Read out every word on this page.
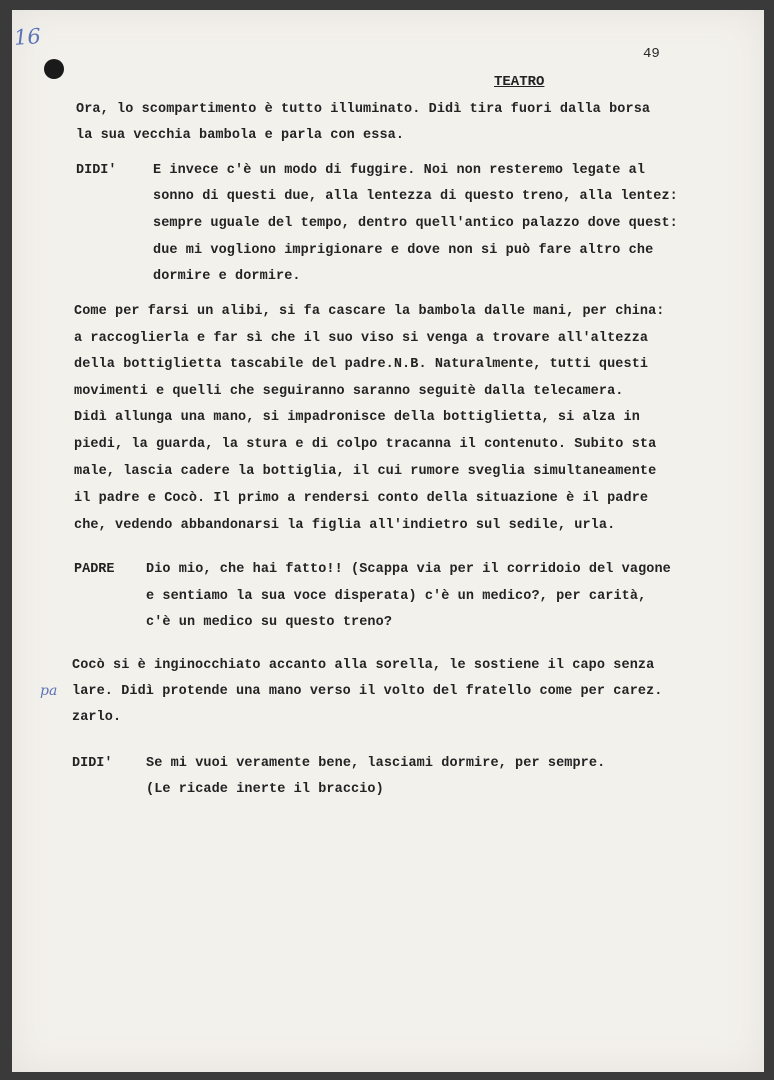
16
49
TEATRO
Ora, lo scompartimento è tutto illuminato. Didì tira fuori dalla borsa
la sua vecchia bambola e parla con essa.
DIDI'	E invece c'è un modo di fuggire. Noi non resteremo legate al
sonno di questi due, alla lentezza di questo treno, alla lentez:
sempre uguale del tempo, dentro quell'antico palazzo dove quest:
due mi vogliono imprigionare e dove non si può fare altro che
dormire e dormire.
Come per farsi un alibi, si fa cascare la bambola dalle mani, per china:
a raccoglierla e far sì che il suo viso si venga a trovare all'altezza
della bottiglietta tascabile del padre.N.B. Naturalmente, tutti questi
movimenti e quelli che seguiranno saranno seguitè dalla telecamera.
Didì allunga una mano, si impadronisce della bottiglietta, si alza in
piedi, la guarda, la stura e di colpo tracanna il contenuto. Subito sta
male, lascia cadere la bottiglia, il cui rumore sveglia simultaneamente
il padre e Cocò. Il primo a rendersi conto della situazione è il padre
che, vedendo abbandonarsi la figlia all'indietro sul sedile, urla.
PADRE Dio mio, che hai fatto!! (Scappa via per il corridoio del vagone
e sentiamo la sua voce disperata) c'è un medico?, per carità,
c'è un medico su questo treno?
Cocò si è inginocchiato accanto alla sorella, le sostiene il capo senza
pa lare. Didì protende una mano verso il volto del fratello come per carez.
zarlo.
DIDI' Se mi vuoi veramente bene, lasciami dormire, per sempre.
(Le ricade inerte il braccio)
